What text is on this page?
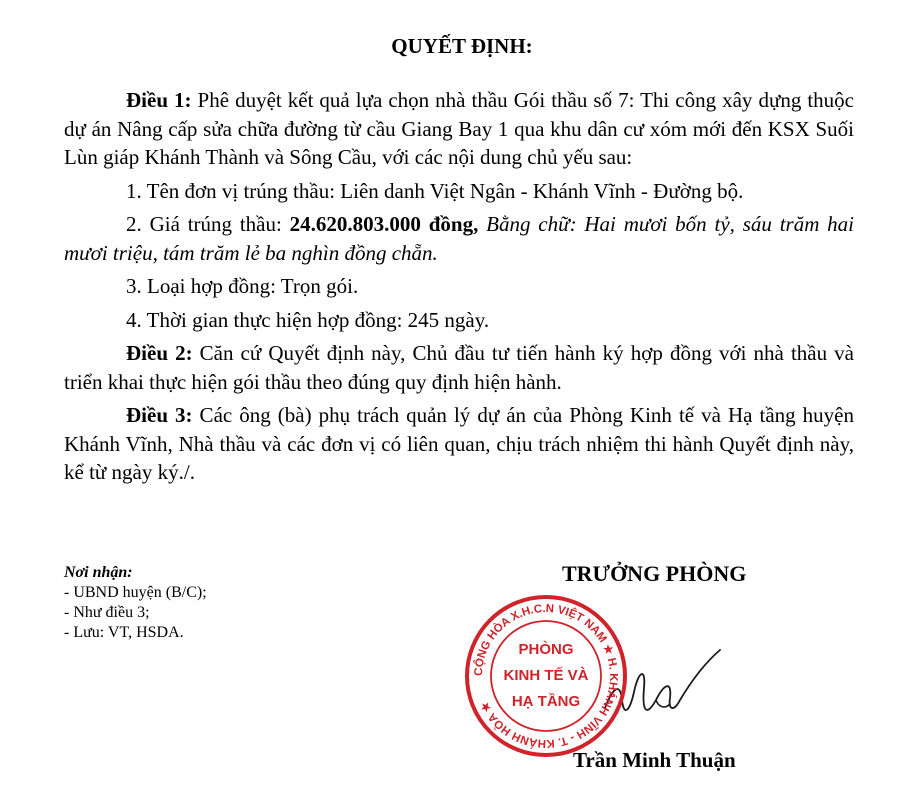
QUYẾT ĐỊNH:

Điều 1: Phê duyệt kết quả lựa chọn nhà thầu Gói thầu số 7: Thi công xây dựng thuộc dự án Nâng cấp sửa chữa đường từ cầu Giang Bay 1 qua khu dân cư xóm mới đến KSX Suối Lùn giáp Khánh Thành và Sông Cầu, với các nội dung chủ yếu sau:

1. Tên đơn vị trúng thầu: Liên danh Việt Ngân - Khánh Vĩnh - Đường bộ.

2. Giá trúng thầu: 24.620.803.000 đồng, Bằng chữ: Hai mươi bốn tỷ, sáu trăm hai mươi triệu, tám trăm lẻ ba nghìn đồng chẵn.

3. Loại hợp đồng: Trọn gói.

4. Thời gian thực hiện hợp đồng: 245 ngày.

Điều 2: Căn cứ Quyết định này, Chủ đầu tư tiến hành ký hợp đồng với nhà thầu và triển khai thực hiện gói thầu theo đúng quy định hiện hành.

Điều 3: Các ông (bà) phụ trách quản lý dự án của Phòng Kinh tế và Hạ tầng huyện Khánh Vĩnh, Nhà thầu và các đơn vị có liên quan, chịu trách nhiệm thi hành Quyết định này, kể từ ngày ký./.

Nơi nhận:
- UBND huyện (B/C);
- Như điều 3;
- Lưu: VT, HSDA.
TRƯỞNG PHÒNG
CỘNG HÒA X.H.C.N VIỆT NAM ★ H. KHÁNH VĨNH - T. KHÁNH HÒA ★
PHÒNG
KINH TẾ VÀ
HẠ TẦNG
Trần Minh Thuận
